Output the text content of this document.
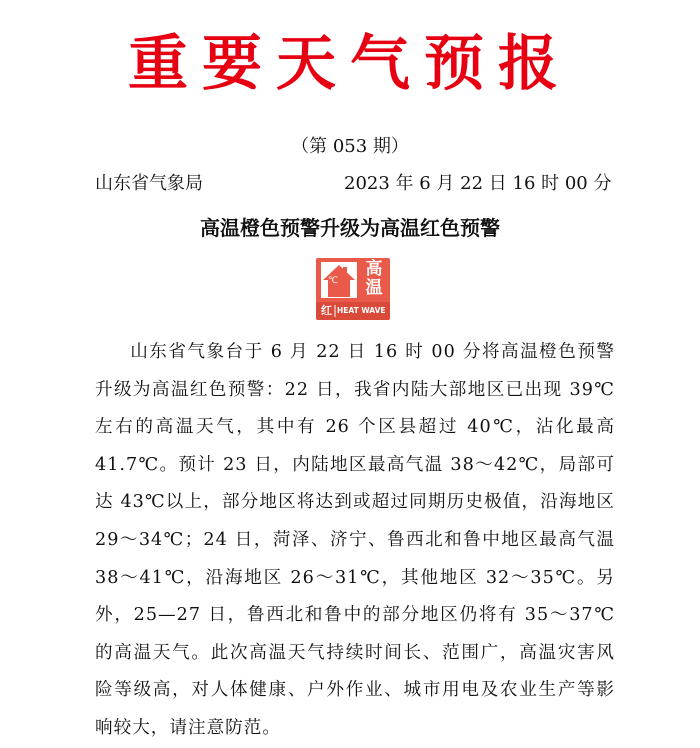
重要天气预报
（第 053 期）
山东省气象局	2023 年 6 月 22 日 16 时 00 分
高温橙色预警升级为高温红色预警
℃
高温
红 HEAT WAVE

山东省气象台于 6 月 22 日 16 时 00 分将高温橙色预警升级为高温红色预警：22 日，我省内陆大部地区已出现 39℃左右的高温天气，其中有 26 个区县超过 40℃，沾化最高 41.7℃。预计 23 日，内陆地区最高气温 38～42℃，局部可达 43℃以上，部分地区将达到或超过同期历史极值，沿海地区 29～34℃；24 日，菏泽、济宁、鲁西北和鲁中地区最高气温 38～41℃，沿海地区 26～31℃，其他地区 32～35℃。另外，25—27 日，鲁西北和鲁中的部分地区仍将有 35～37℃的高温天气。此次高温天气持续时间长、范围广，高温灾害风险等级高，对人体健康、户外作业、城市用电及农业生产等影响较大，请注意防范。
